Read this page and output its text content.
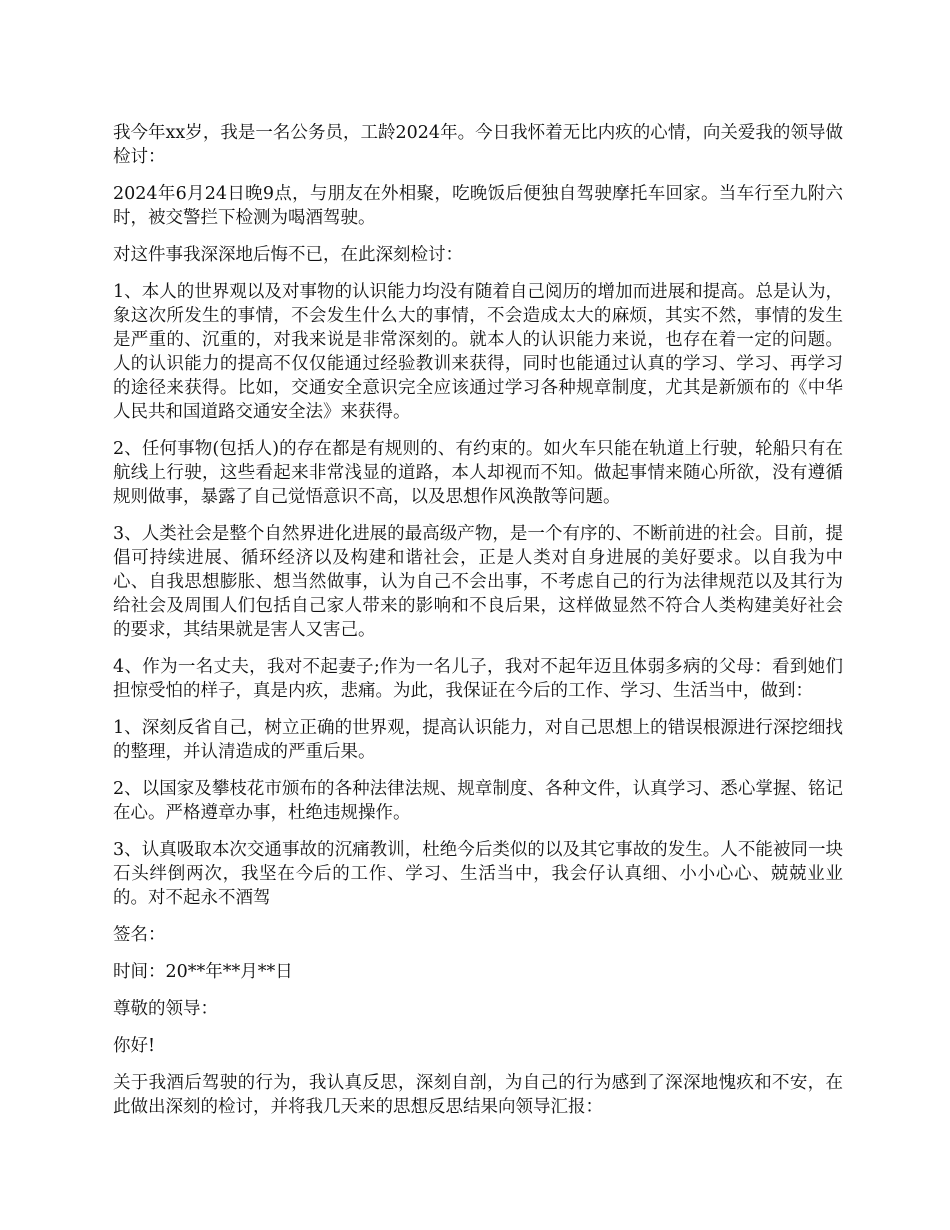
我今年xx岁，我是一名公务员，工龄2024年。今日我怀着无比内疚的心情，向关爱我的领导做检讨：

2024年6月24日晚9点，与朋友在外相聚，吃晚饭后便独自驾驶摩托车回家。当车行至九附六时，被交警拦下检测为喝酒驾驶。

对这件事我深深地后悔不已，在此深刻检讨：

1、本人的世界观以及对事物的认识能力均没有随着自己阅历的增加而进展和提高。总是认为，象这次所发生的事情，不会发生什么大的事情，不会造成太大的麻烦，其实不然，事情的发生是严重的、沉重的，对我来说是非常深刻的。就本人的认识能力来说，也存在着一定的问题。人的认识能力的提高不仅仅能通过经验教训来获得，同时也能通过认真的学习、学习、再学习的途径来获得。比如，交通安全意识完全应该通过学习各种规章制度，尤其是新颁布的《中华人民共和国道路交通安全法》来获得。

2、任何事物(包括人)的存在都是有规则的、有约束的。如火车只能在轨道上行驶，轮船只有在航线上行驶，这些看起来非常浅显的道路，本人却视而不知。做起事情来随心所欲，没有遵循规则做事，暴露了自己觉悟意识不高，以及思想作风涣散等问题。

3、人类社会是整个自然界进化进展的最高级产物，是一个有序的、不断前进的社会。目前，提倡可持续进展、循环经济以及构建和谐社会，正是人类对自身进展的美好要求。以自我为中心、自我思想膨胀、想当然做事，认为自己不会出事，不考虑自己的行为法律规范以及其行为给社会及周围人们包括自己家人带来的影响和不良后果，这样做显然不符合人类构建美好社会的要求，其结果就是害人又害己。

4、作为一名丈夫，我对不起妻子;作为一名儿子，我对不起年迈且体弱多病的父母：看到她们担惊受怕的样子，真是内疚，悲痛。为此，我保证在今后的工作、学习、生活当中，做到：

1、深刻反省自己，树立正确的世界观，提高认识能力，对自己思想上的错误根源进行深挖细找的整理，并认清造成的严重后果。

2、以国家及攀枝花市颁布的各种法律法规、规章制度、各种文件，认真学习、悉心掌握、铭记在心。严格遵章办事，杜绝违规操作。

3、认真吸取本次交通事故的沉痛教训，杜绝今后类似的以及其它事故的发生。人不能被同一块石头绊倒两次，我坚在今后的工作、学习、生活当中，我会仔认真细、小小心心、兢兢业业的。对不起永不酒驾

签名：

时间：20**年**月**日

尊敬的领导：

你好!

关于我酒后驾驶的行为，我认真反思，深刻自剖，为自己的行为感到了深深地愧疚和不安，在此做出深刻的检讨，并将我几天来的思想反思结果向领导汇报：
